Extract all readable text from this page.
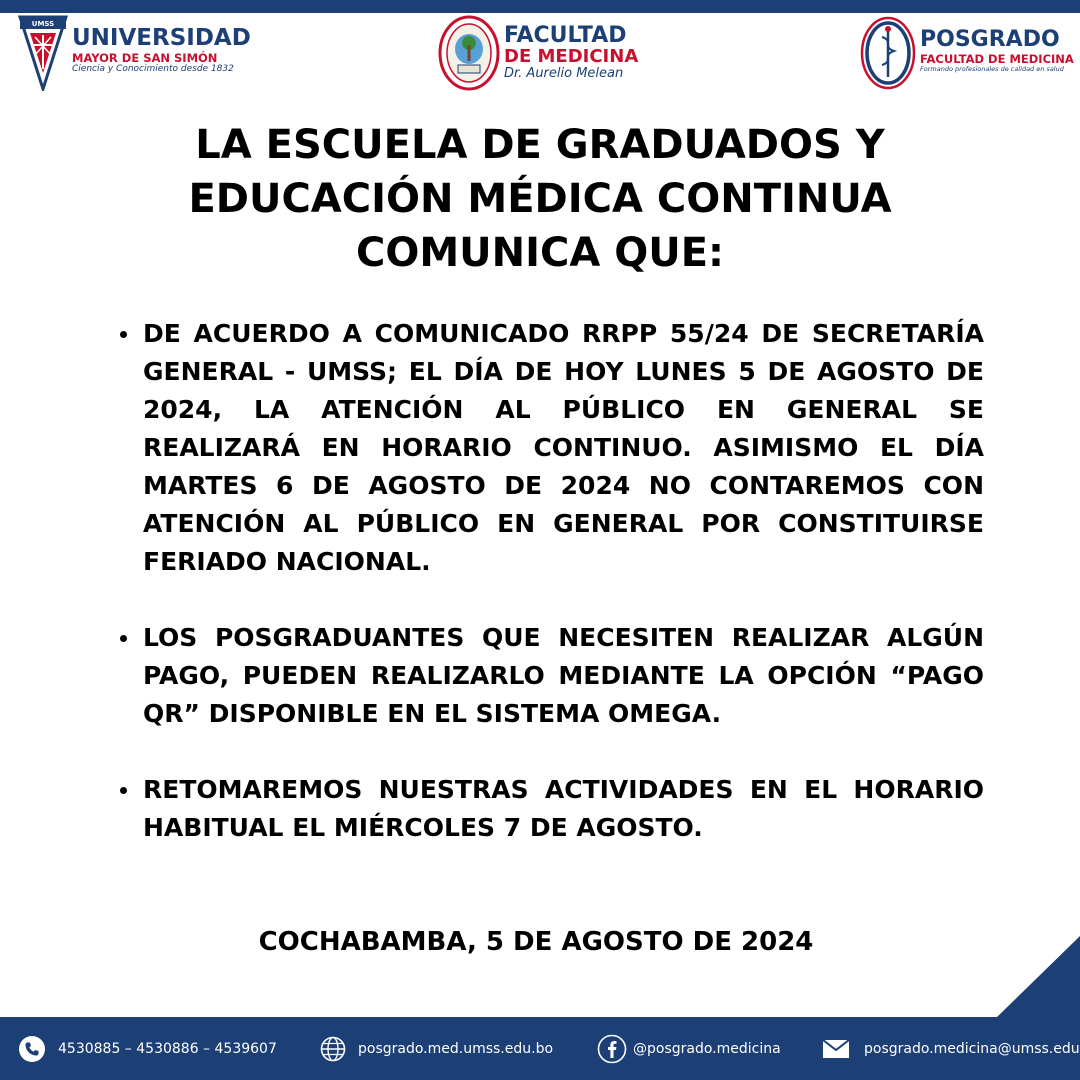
UMSS
UNIVERSIDAD
MAYOR DE SAN SIMÓN
Ciencia y Conocimiento desde 1832
FACULTAD
DE MEDICINA
Dr. Aurelio Melean
POSGRADO
FACULTAD DE MEDICINA
Formando profesionales de calidad en salud
LA ESCUELA DE GRADUADOS Y
EDUCACIÓN MÉDICA CONTINUA
COMUNICA QUE:
DE ACUERDO A COMUNICADO RRPP 55/24 DE SECRETARÍA GENERAL - UMSS; EL DÍA DE HOY LUNES 5 DE AGOSTO DE 2024, LA ATENCIÓN AL PÚBLICO EN GENERAL SE REALIZARÁ EN HORARIO CONTINUO. ASIMISMO EL DÍA MARTES 6 DE AGOSTO DE 2024 NO CONTAREMOS CON ATENCIÓN AL PÚBLICO EN GENERAL POR CONSTITUIRSE FERIADO NACIONAL.
LOS POSGRADUANTES QUE NECESITEN REALIZAR ALGÚN PAGO, PUEDEN REALIZARLO MEDIANTE LA OPCIÓN “PAGO QR” DISPONIBLE EN EL SISTEMA OMEGA.
RETOMAREMOS NUESTRAS ACTIVIDADES EN EL HORARIO HABITUAL EL MIÉRCOLES 7 DE AGOSTO.
COCHABAMBA, 5 DE AGOSTO DE 2024
4530885 – 4530886 – 4539607	posgrado.med.umss.edu.bo	@posgrado.medicina	posgrado.medicina@umss.edu
